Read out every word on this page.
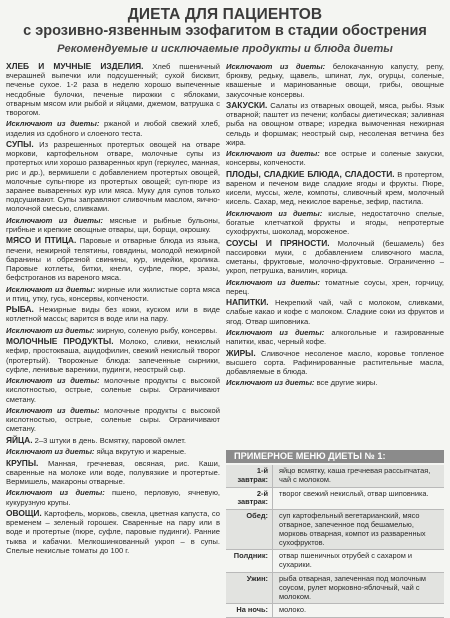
ДИЕТА ДЛЯ ПАЦИЕНТОВ
с эрозивно-язвенным эзофагитом в стадии обострения
Рекомендуемые и исключаемые продукты и блюда диеты

ХЛЕБ И МУЧНЫЕ ИЗДЕЛИЯ. Хлеб пшеничный вчерашней выпечки или подсушенный; сухой бисквит, печенье сухое. 1-2 раза в неделю хорошо выпеченные несдобные булочки, печеные пирожки с яблоками, отварным мясом или рыбой и яйцами, джемом, ватрушка с творогом.

Исключают из диеты: ржаной и любой свежий хлеб, изделия из сдобного и слоеного теста.

СУПЫ. Из разрешенных протертых овощей на отваре моркови, картофельном отваре, молочные супы из протертых или хорошо разваренных круп (геркулес, манная, рис и др.), вермишели с добавлением протертых овощей, молочные супы-пюре из протертых овощей; суп-пюре из заранее вываренных кур или мяса. Муку для супов только подсушивают. Супы заправляют сливочным маслом, яично-молочной смесью, сливками.

Исключают из диеты: мясные и рыбные бульоны, грибные и крепкие овощные отвары, щи, борщи, окрошку.

МЯСО И ПТИЦА. Паровые и отварные блюда из языка, печени, нежирной телятины, говядины, молодой нежирной баранины и обрезной свинины, кур, индейки, кролика. Паровые котлеты, битки, кнели, суфле, пюре, зразы, бефстроганов из вареного мяса.

Исключают из диеты: жирные или жилистые сорта мяса и птиц, утку, гусь, консервы, копчености.

РЫБА. Нежирные виды без кожи, куском или в виде котлетной массы; варится в воде или на пару.

Исключают из диеты: жирную, соленую рыбу, консервы.

МОЛОЧНЫЕ ПРОДУКТЫ. Молоко, сливки, некислый кефир, простокваша, ацидофилин, свежий некислый творог (протертый). Творожные блюда: запеченные сырники, суфле, ленивые вареники, пудинги, неострый сыр.

Исключают из диеты: молочные продукты с высокой кислотностью, острые, соленые сыры. Ограничивают сметану.

Исключают из диеты: молочные продукты с высокой кислотностью, острые, соленые сыры. Ограничивают сметану.

ЯЙЦА. 2–3 штуки в день. Всмятку, паровой омлет.

Исключают из диеты: яйца вкрутую и жареные.

КРУПЫ. Манная, гречневая, овсяная, рис. Каши, сваренные на молоке или воде, полувязкие и протертые. Вермишель, макароны отварные.

Исключают из диеты: пшено, перловую, ячневую, кукурузную крупы.

ОВОЩИ. Картофель, морковь, свекла, цветная капуста, со временем – зеленый горошек. Сваренные на пару или в воде и протертые (пюре, суфле, паровые пудинги). Ранние тыква и кабачки. Мелкошинкованный укроп – в супы. Спелые некислые томаты до 100 г.

Исключают из диеты: белокачанную капусту, репу, брюкву, редьку, щавель, шпинат, лук, огурцы, соленые, квашеные и маринованные овощи, грибы, овощные закусочные консервы.

ЗАКУСКИ. Салаты из отварных овощей, мяса, рыбы. Язык отварной; паштет из печени; колбасы диетическая; заливная рыба на овощном отваре; изредка вымоченная нежирная сельдь и форшмак; неострый сыр, несоленая ветчина без жира.

Исключают из диеты: все острые и соленые закуски, консервы, копчености.

ПЛОДЫ, СЛАДКИЕ БЛЮДА, СЛАДОСТИ. В протертом, вареном и печеном виде сладкие ягоды и фрукты. Пюре, кисели, муссы, желе, компоты, сливочный крем, молочный кисель. Сахар, мед, некислое варенье, зефир, пастила.

Исключают из диеты: кислые, недостаточно спелые, богатые клетчаткой фрукты и ягоды, непротертые сухофрукты, шоколад, мороженое.

СОУСЫ И ПРЯНОСТИ. Молочный (бешамель) без пассировки муки, с добавлением сливочного масла, сметаны, фруктовые, молочно-фруктовые. Ограниченно – укроп, петрушка, ванилин, корица.

Исключают из диеты: томатные соусы, хрен, горчицу, перец.

НАПИТКИ. Некрепкий чай, чай с молоком, сливками, слабые какао и кофе с молоком. Сладкие соки из фруктов и ягод. Отвар шиповника.

Исключают из диеты: алкогольные и газированные напитки, квас, черный кофе.

ЖИРЫ. Сливочное несоленое масло, коровье топленое высшего сорта. Рафинированные растительные масла, добавляемые в блюда.

Исключают из диеты: все другие жиры.

ПРИМЕРНОЕ МЕНЮ ДИЕТЫ № 1:
1-й завтрак:
яйцо всмятку, каша гречневая рассыпчатая, чай с молоком.
2-й завтрак:
творог свежий некислый, отвар шиповника.
Обед:	суп картофельный вегетарианский, мясо отварное, запеченное под бешамелью, морковь отварная, компот из разваренных сухофруктов.
Полдник:	отвар пшеничных отрубей с сахаром и сухарики.
Ужин:	рыба отварная, запеченная под молочным соусом, рулет морковно-яблочный, чай с молоком.
На ночь:	молоко.
